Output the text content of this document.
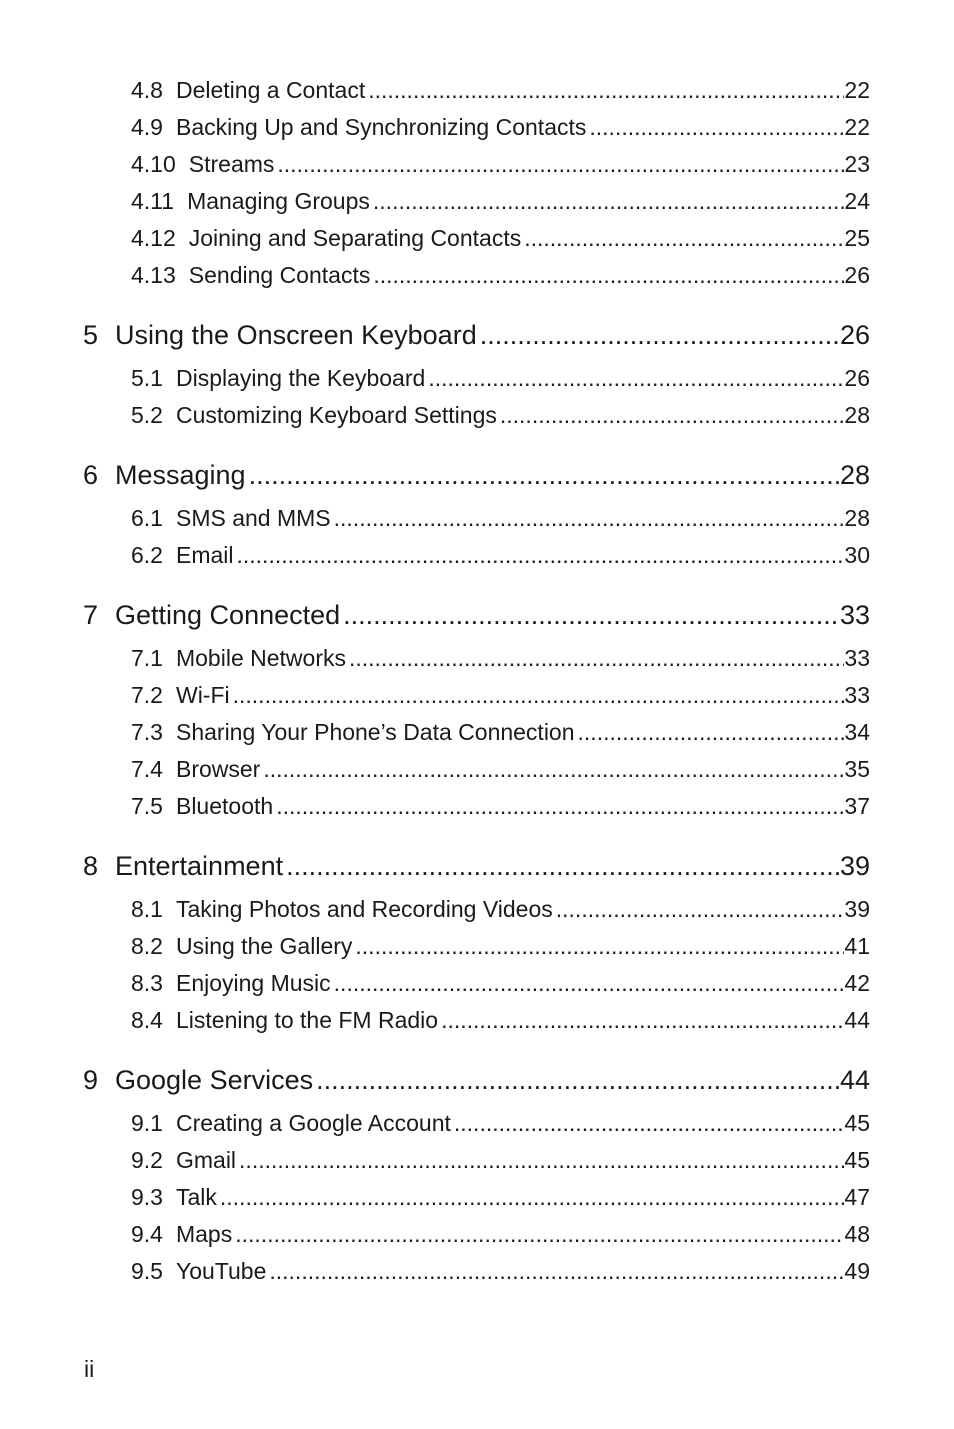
4.8 Deleting a Contact .....	22
4.9 Backing Up and Synchronizing Contacts .....	22
4.10 Streams .....	23
4.11 Managing Groups .....	24
4.12 Joining and Separating Contacts .....	25
4.13 Sending Contacts .....	26
5 Using the Onscreen Keyboard .....	26
5.1 Displaying the Keyboard .....	26
5.2 Customizing Keyboard Settings .....	28
6 Messaging .....	28
6.1 SMS and MMS .....	28
6.2 Email .....	30
7 Getting Connected .....	33
7.1 Mobile Networks .....	33
7.2 Wi-Fi .....	33
7.3 Sharing Your Phone’s Data Connection .....	34
7.4 Browser .....	35
7.5 Bluetooth .....	37
8 Entertainment .....	39
8.1 Taking Photos and Recording Videos .....	39
8.2 Using the Gallery .....	41
8.3 Enjoying Music .....	42
8.4 Listening to the FM Radio .....	44
9 Google Services .....	44
9.1 Creating a Google Account .....	45
9.2 Gmail .....	45
9.3 Talk .....	47
9.4 Maps .....	48
9.5 YouTube .....	49
ii
